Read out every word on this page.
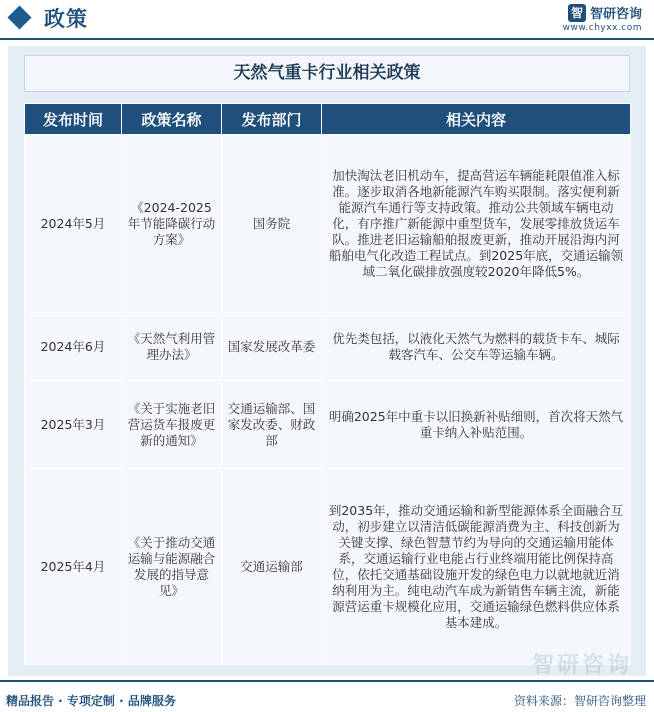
政策	智 智研咨询
www.chyxx.com
天然气重卡行业相关政策
发布时间	政策名称	发布部门	相关内容
2024年5月	《2024-2025年节能降碳行动方案》	国务院	加快淘汰老旧机动车，提高营运车辆能耗限值准入标准。逐步取消各地新能源汽车购买限制。落实便利新能源汽车通行等支持政策。推动公共领域车辆电动化，有序推广新能源中重型货车，发展零排放货运车队。推进老旧运输船舶报废更新，推动开展沿海内河船舶电气化改造工程试点。到2025年底，交通运输领域二氧化碳排放强度较2020年降低5%。
2024年6月	《天然气利用管理办法》	国家发展改革委	优先类包括，以液化天然气为燃料的载货卡车、城际载客汽车、公交车等运输车辆。
2025年3月	《关于实施老旧营运货车报废更新的通知》	交通运输部、国家发改委、财政部	明确2025年中重卡以旧换新补贴细则，首次将天然气重卡纳入补贴范围。
2025年4月	《关于推动交通运输与能源融合发展的指导意见》	交通运输部	到2035年，推动交通运输和新型能源体系全面融合互动，初步建立以清洁低碳能源消费为主、科技创新为关键支撑、绿色智慧节约为导向的交通运输用能体系，交通运输行业电能占行业终端用能比例保持高位，依托交通基础设施开发的绿色电力以就地就近消纳利用为主。纯电动汽车成为新销售车辆主流，新能源营运重卡规模化应用，交通运输绿色燃料供应体系基本建成。
智研咨询
精品报告 · 专项定制 · 品牌服务	资料来源：智研咨询整理
